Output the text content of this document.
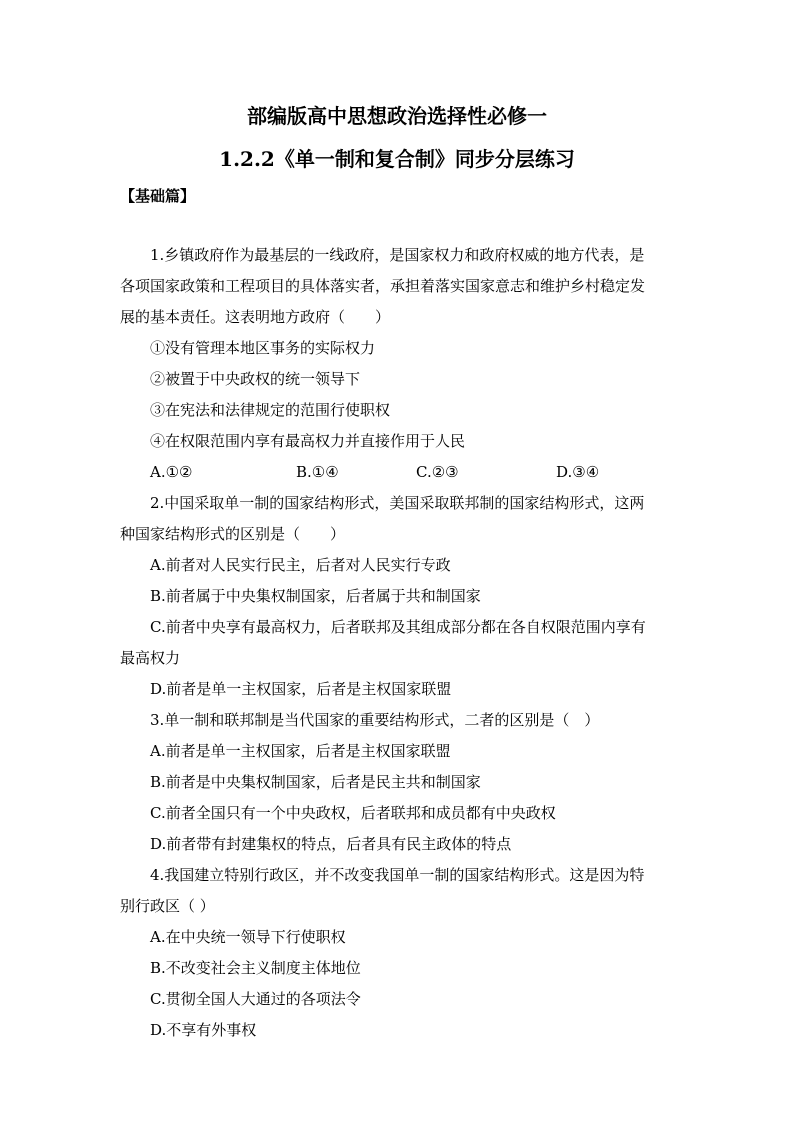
部编版高中思想政治选择性必修一
1.2.2《单一制和复合制》同步分层练习
【基础篇】
1.乡镇政府作为最基层的一线政府，是国家权力和政府权威的地方代表，是
各项国家政策和工程项目的具体落实者，承担着落实国家意志和维护乡村稳定发
展的基本责任。这表明地方政府（　　）
①没有管理本地区事务的实际权力
②被置于中央政权的统一领导下
③在宪法和法律规定的范围行使职权
④在权限范围内享有最高权力并直接作用于人民
A.①②	B.①④	C.②③	D.③④
2.中国采取单一制的国家结构形式，美国采取联邦制的国家结构形式，这两
种国家结构形式的区别是（　　）
A.前者对人民实行民主，后者对人民实行专政
B.前者属于中央集权制国家，后者属于共和制国家
C.前者中央享有最高权力，后者联邦及其组成部分都在各自权限范围内享有
最高权力
D.前者是单一主权国家，后者是主权国家联盟
3.单一制和联邦制是当代国家的重要结构形式，二者的区别是（　）
A.前者是单一主权国家，后者是主权国家联盟
B.前者是中央集权制国家，后者是民主共和制国家
C.前者全国只有一个中央政权，后者联邦和成员都有中央政权
D.前者带有封建集权的特点，后者具有民主政体的特点
4.我国建立特别行政区，并不改变我国单一制的国家结构形式。这是因为特
别行政区（ ）
A.在中央统一领导下行使职权
B.不改变社会主义制度主体地位
C.贯彻全国人大通过的各项法令
D.不享有外事权
